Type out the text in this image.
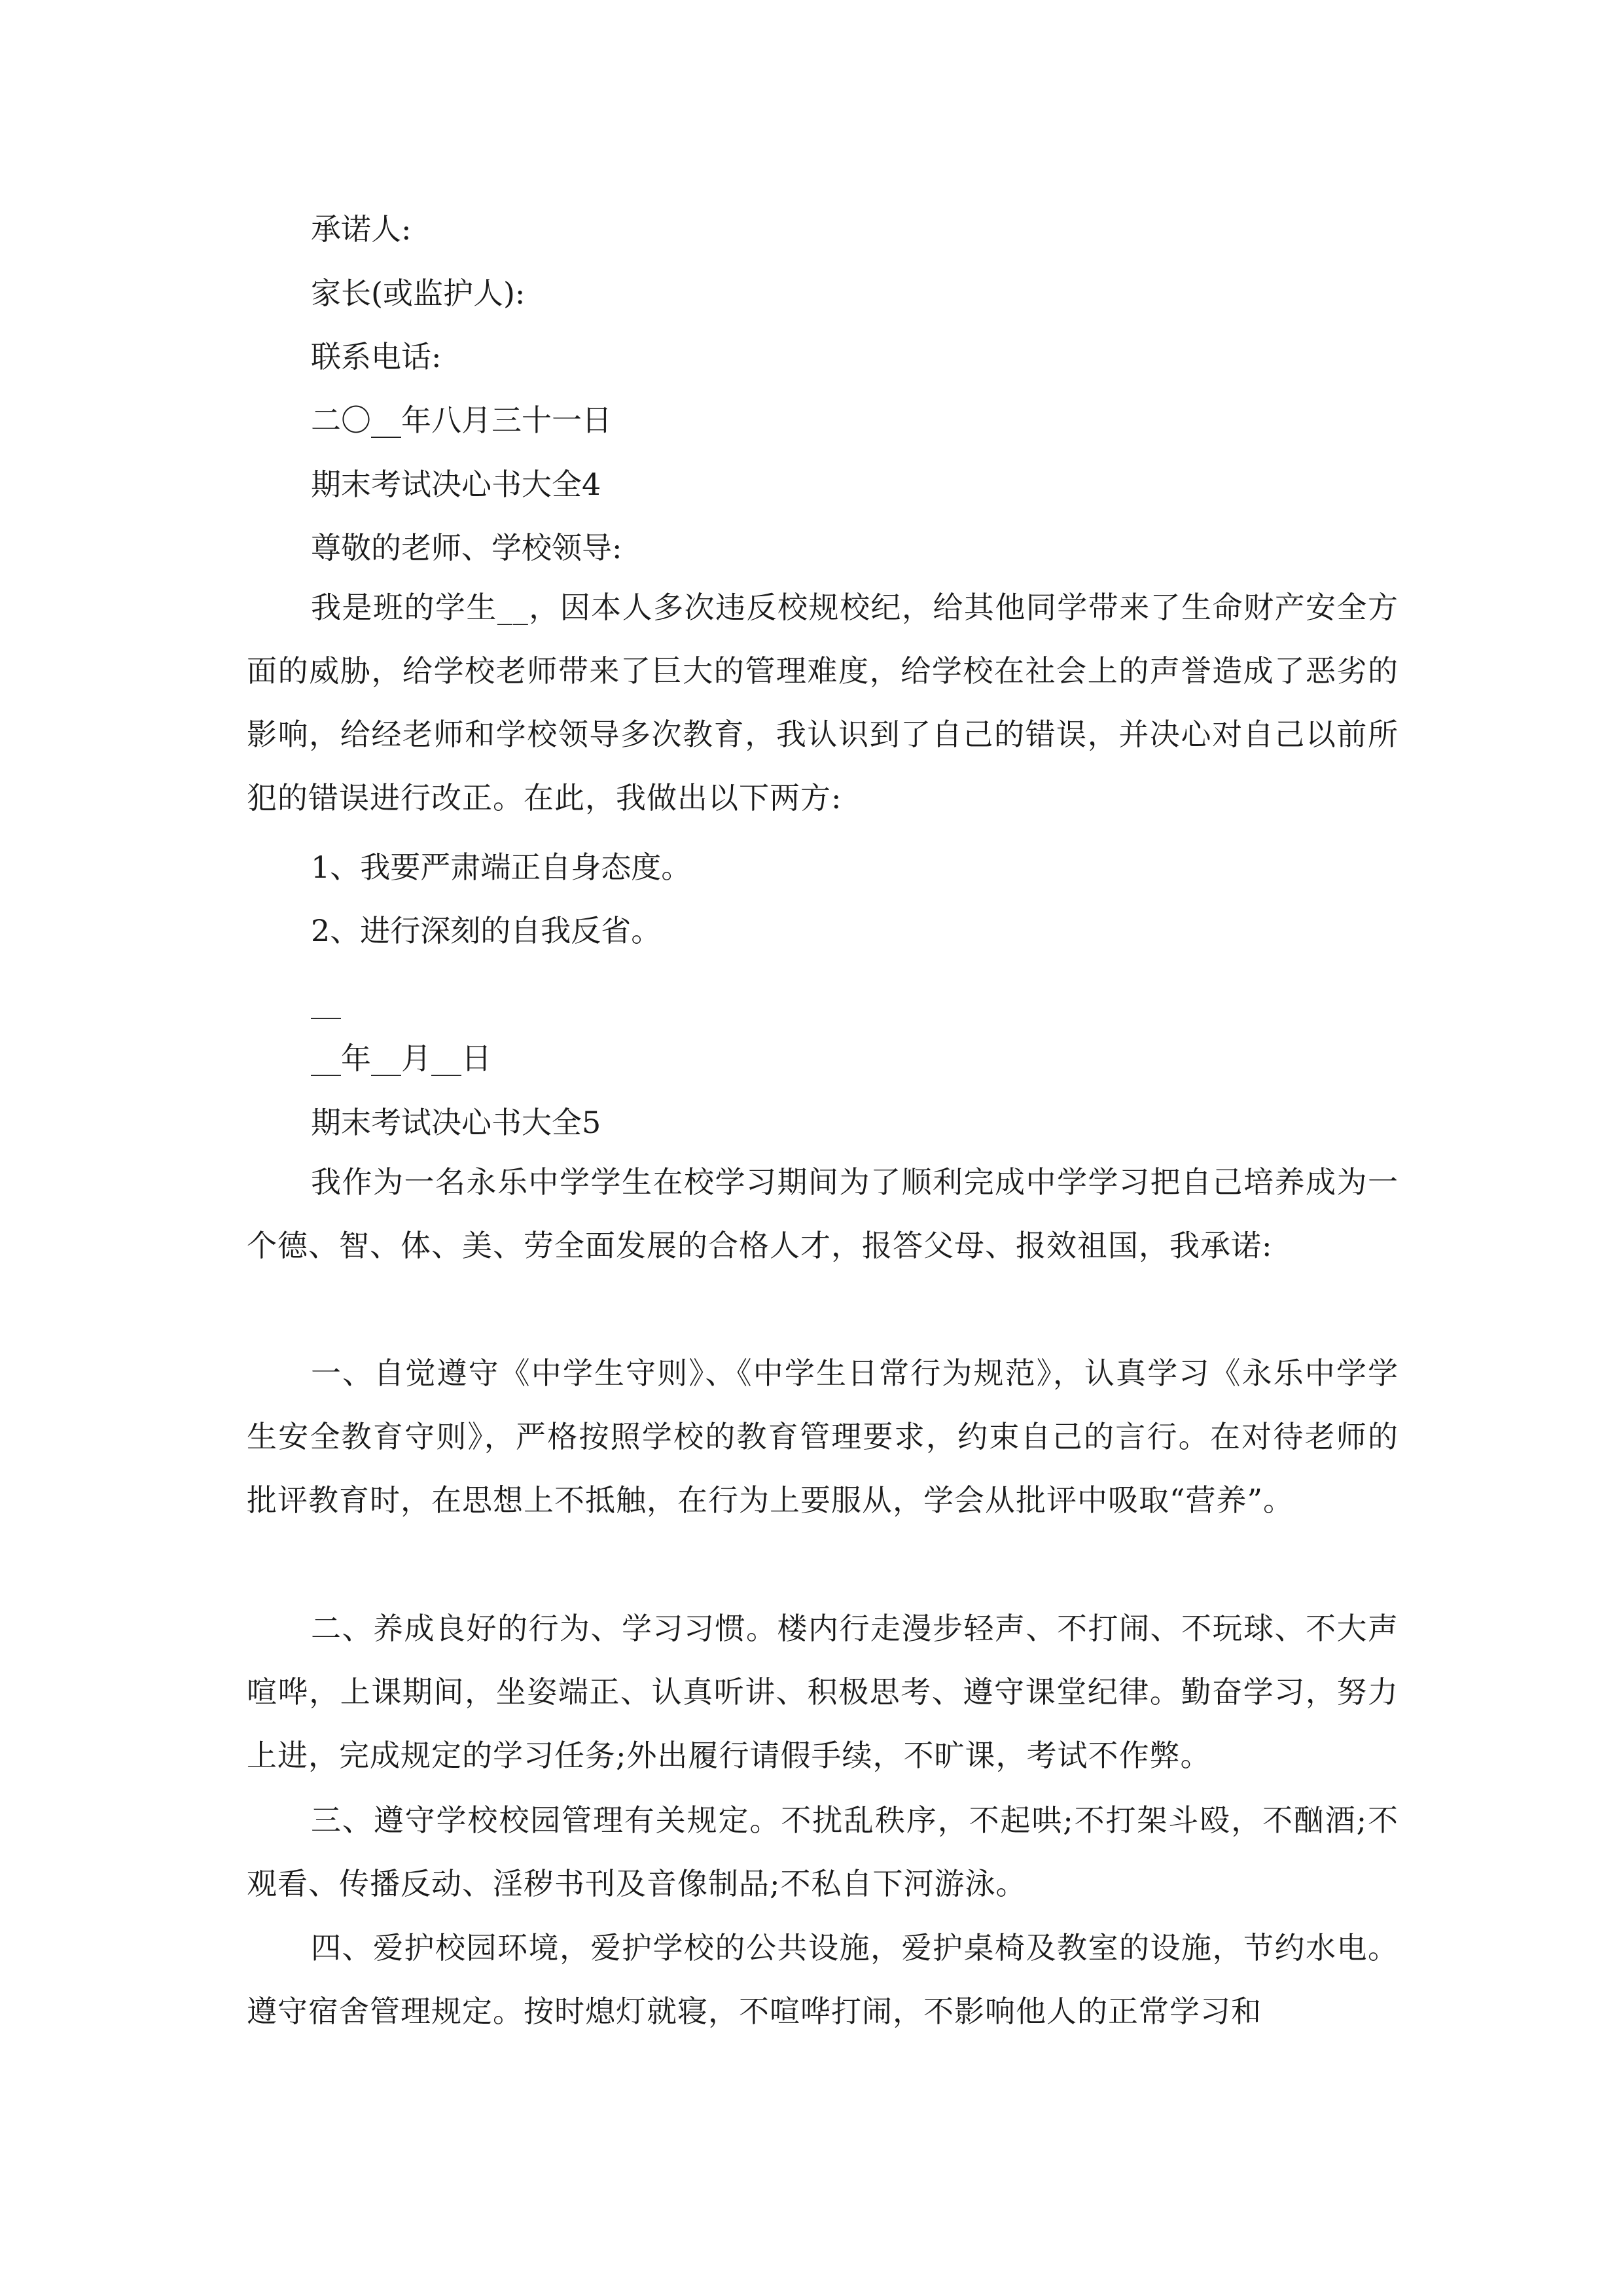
承诺人:
家长(或监护人):
联系电话:
二〇__年八月三十一日
期末考试决心书大全4
尊敬的老师、学校领导:
我是班的学生__，因本人多次违反校规校纪，给其他同学带来了生命财产安全方面的威胁，给学校老师带来了巨大的管理难度，给学校在社会上的声誉造成了恶劣的影响，给经老师和学校领导多次教育，我认识到了自己的错误，并决心对自己以前所犯的错误进行改正。在此，我做出以下两方:
1、我要严肃端正自身态度。
2、进行深刻的自我反省。
__
__年__月__日
期末考试决心书大全5
我作为一名永乐中学学生在校学习期间为了顺利完成中学学习把自己培养成为一个德、智、体、美、劳全面发展的合格人才，报答父母、报效祖国，我承诺:
一、自觉遵守《中学生守则》、《中学生日常行为规范》，认真学习《永乐中学学生安全教育守则》，严格按照学校的教育管理要求，约束自己的言行。在对待老师的批评教育时，在思想上不抵触，在行为上要服从，学会从批评中吸取“营养”。
二、养成良好的行为、学习习惯。楼内行走漫步轻声、不打闹、不玩球、不大声喧哗，上课期间，坐姿端正、认真听讲、积极思考、遵守课堂纪律。勤奋学习，努力上进，完成规定的学习任务;外出履行请假手续，不旷课，考试不作弊。
三、遵守学校校园管理有关规定。不扰乱秩序，不起哄;不打架斗殴，不酗酒;不观看、传播反动、淫秽书刊及音像制品;不私自下河游泳。
四、爱护校园环境，爱护学校的公共设施，爱护桌椅及教室的设施，节约水电。遵守宿舍管理规定。按时熄灯就寝，不喧哗打闹，不影响他人的正常学习和
